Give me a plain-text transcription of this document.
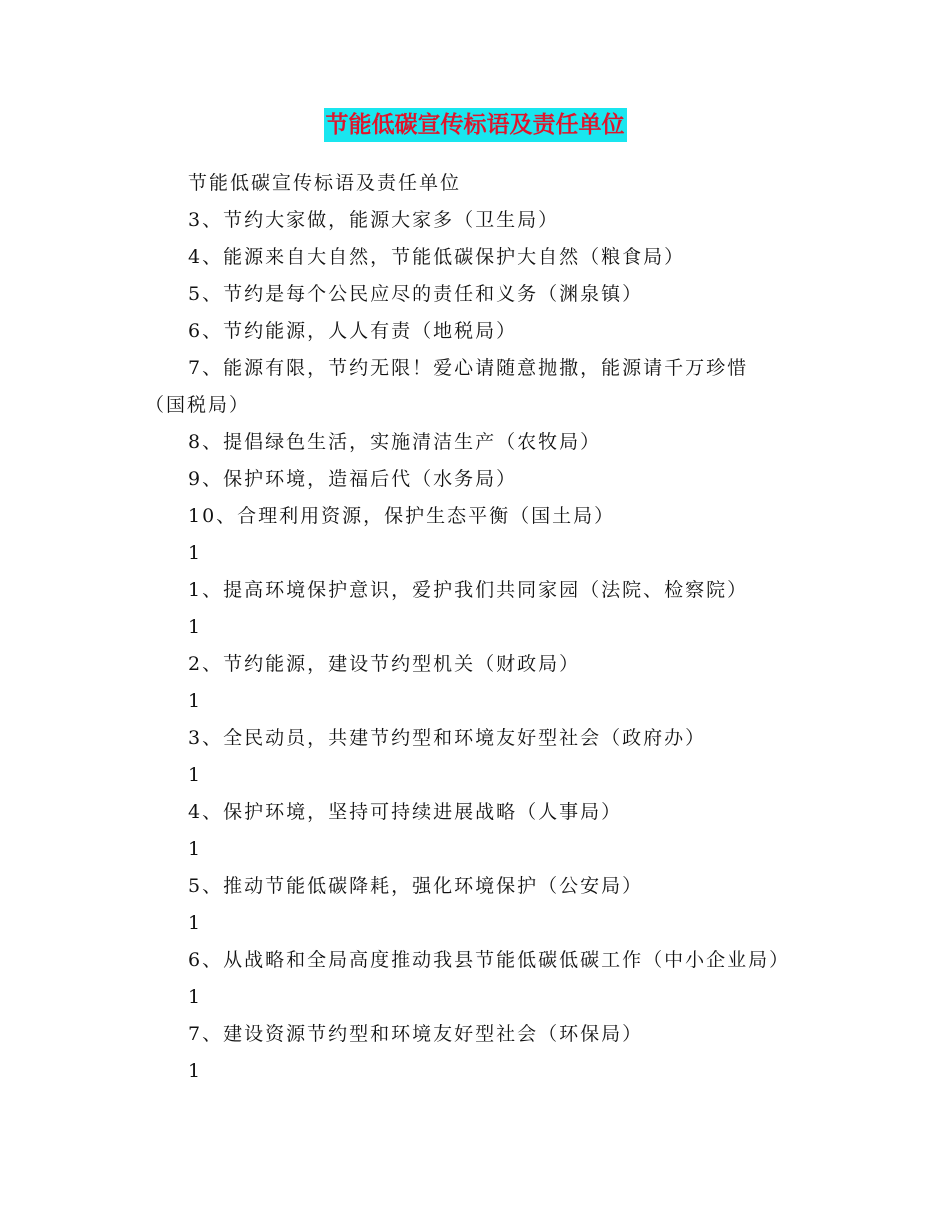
节能低碳宣传标语及责任单位
节能低碳宣传标语及责任单位
3、节约大家做，能源大家多（卫生局）
4、能源来自大自然，节能低碳保护大自然（粮食局）
5、节约是每个公民应尽的责任和义务（渊泉镇）
6、节约能源，人人有责（地税局）
7、能源有限，节约无限！爱心请随意抛撒，能源请千万珍惜
（国税局）
8、提倡绿色生活，实施清洁生产（农牧局）
9、保护环境，造福后代（水务局）
10、合理利用资源，保护生态平衡（国土局）
1
1、提高环境保护意识，爱护我们共同家园（法院、检察院）
1
2、节约能源，建设节约型机关（财政局）
1
3、全民动员，共建节约型和环境友好型社会（政府办）
1
4、保护环境，坚持可持续进展战略（人事局）
1
5、推动节能低碳降耗，强化环境保护（公安局）
1
6、从战略和全局高度推动我县节能低碳低碳工作（中小企业局）
1
7、建设资源节约型和环境友好型社会（环保局）
1
